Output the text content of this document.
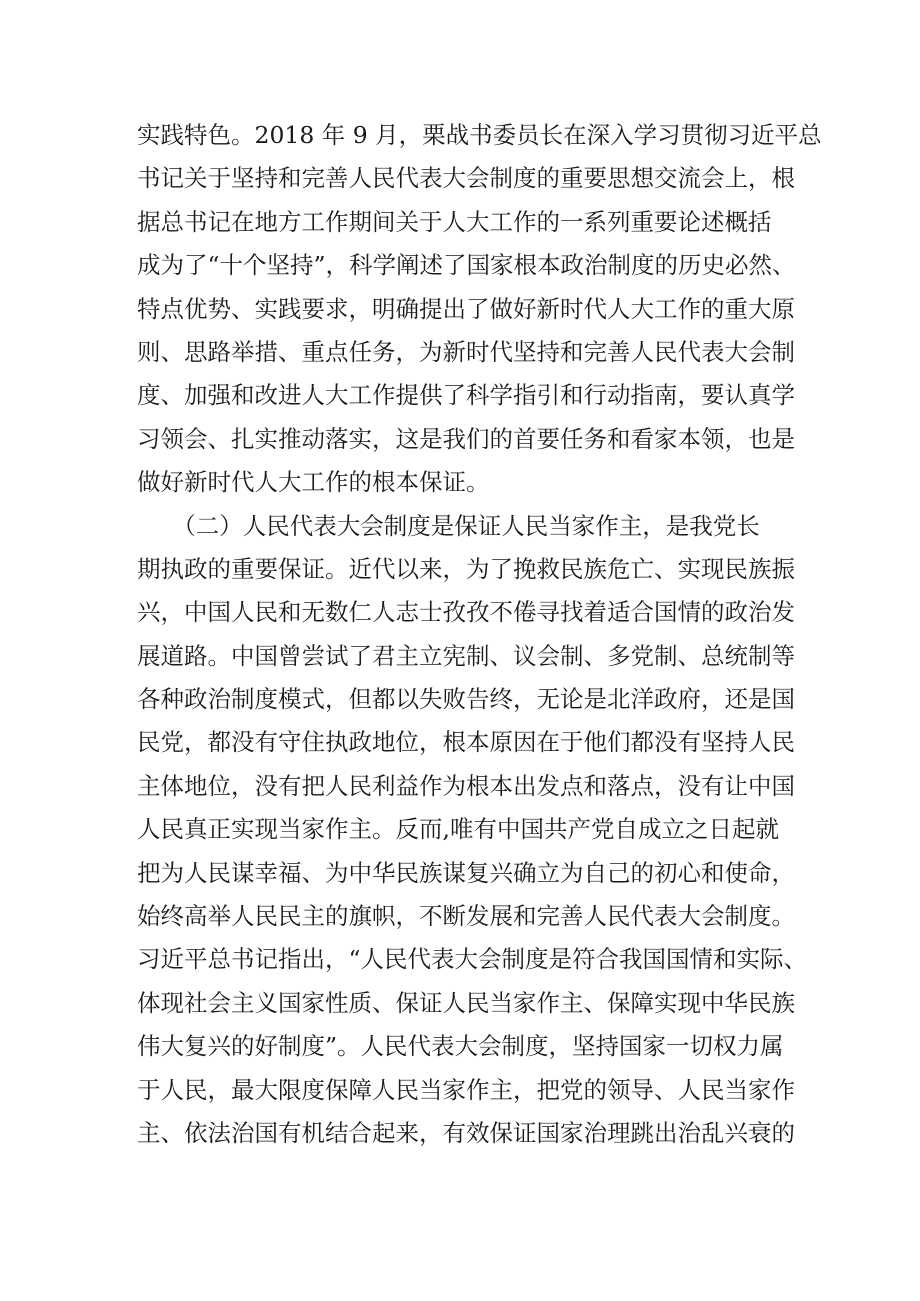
实践特色。2018 年 9 月，栗战书委员长在深入学习贯彻习近平总
书记关于坚持和完善人民代表大会制度的重要思想交流会上，根
据总书记在地方工作期间关于人大工作的一系列重要论述概括
成为了“十个坚持”，科学阐述了国家根本政治制度的历史必然、
特点优势、实践要求，明确提出了做好新时代人大工作的重大原
则、思路举措、重点任务，为新时代坚持和完善人民代表大会制
度、加强和改进人大工作提供了科学指引和行动指南，要认真学
习领会、扎实推动落实，这是我们的首要任务和看家本领，也是
做好新时代人大工作的根本保证。
　　（二）人民代表大会制度是保证人民当家作主，是我党长
期执政的重要保证。近代以来，为了挽救民族危亡、实现民族振
兴，中国人民和无数仁人志士孜孜不倦寻找着适合国情的政治发
展道路。中国曾尝试了君主立宪制、议会制、多党制、总统制等
各种政治制度模式，但都以失败告终，无论是北洋政府，还是国
民党，都没有守住执政地位，根本原因在于他们都没有坚持人民
主体地位，没有把人民利益作为根本出发点和落点，没有让中国
人民真正实现当家作主。反而,唯有中国共产党自成立之日起就
把为人民谋幸福、为中华民族谋复兴确立为自己的初心和使命，
始终高举人民民主的旗帜，不断发展和完善人民代表大会制度。
习近平总书记指出，“人民代表大会制度是符合我国国情和实际、
体现社会主义国家性质、保证人民当家作主、保障实现中华民族
伟大复兴的好制度”。人民代表大会制度，坚持国家一切权力属
于人民，最大限度保障人民当家作主，把党的领导、人民当家作
主、依法治国有机结合起来，有效保证国家治理跳出治乱兴衰的
